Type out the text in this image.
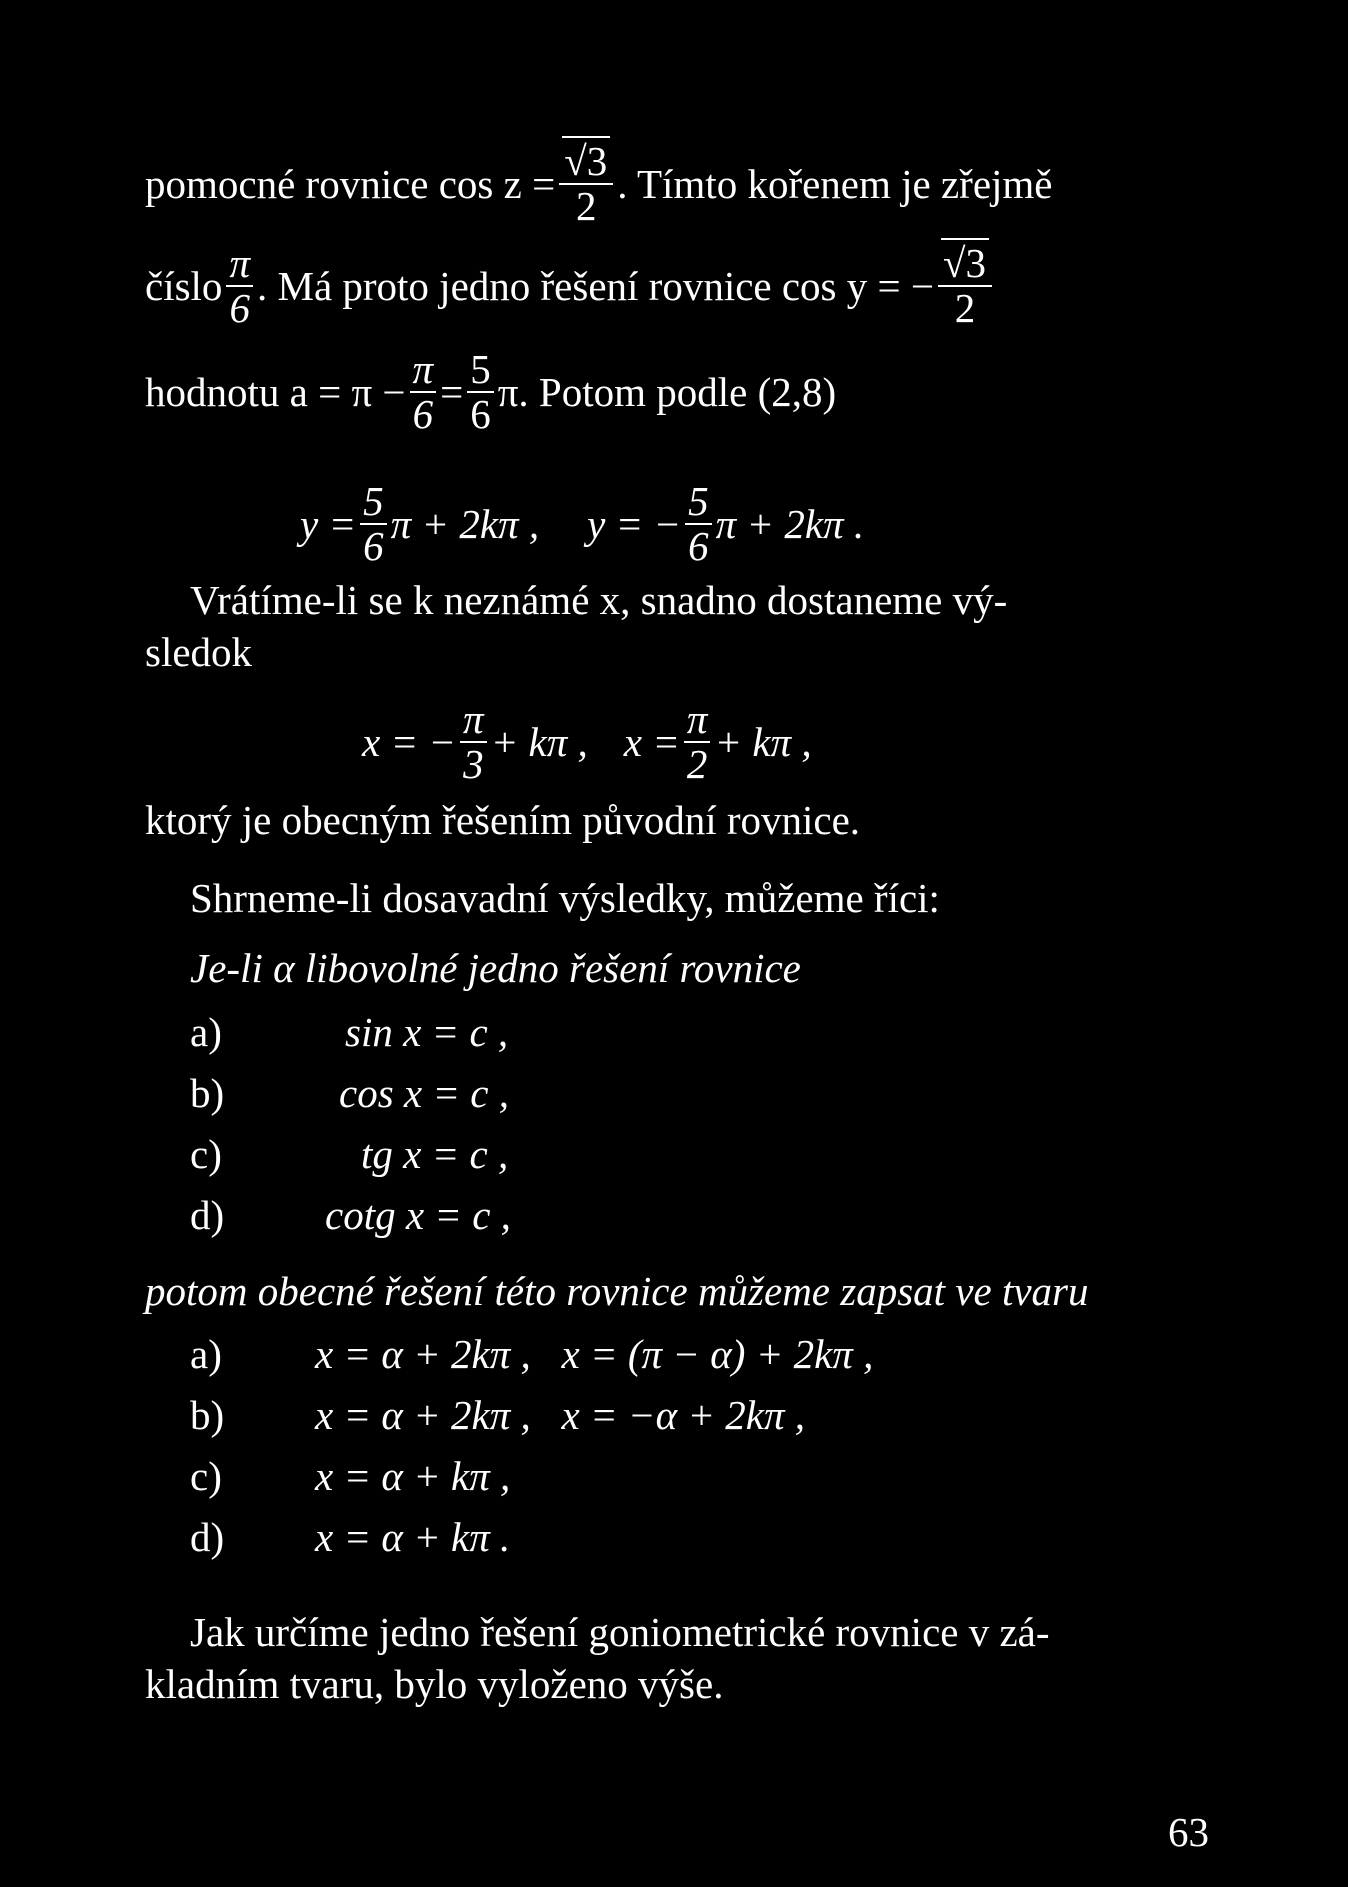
pomocné rovnice cos z = √ $\frac{3}{2}$ . Tímto kořenem je zřejmě
číslo $\frac{\pi}{6}$ . Má proto jedno řešení rovnice cos y = − √ $\frac{3}{2}$
hodnotu $a = \pi - \frac{\pi}{6} = \frac{5}{6} \pi$. Potom podle (2,8)
$y = \frac{5}{6}$ π + 2kπ , y = − $\frac{5}{6}$ π + 2kπ .
Vrátíme-li se k neznámé x, snadno dostaneme vý-
sledok
x = − $\frac{\pi}{3} + k\pi$ , $x = \frac{\pi}{2} + k\pi$ ,
ktorý je obecným řešením původní rovnice.
Shrneme-li dosavadní výsledky, můžeme říci:
Je-li α libovolné jedno řešení rovnice
a)	sin x = c ,
b)	cos x = c ,
c)	tg x = c ,
d)	cotg x = c ,
potom obecné řešení této rovnice můžeme zapsat ve tvaru
a)	x = α + 2kπ ,   x = (π − α) + 2kπ ,
b)	x = α + 2kπ ,   x = −α + 2kπ ,
c)	x = α + kπ ,
d)	x = α + kπ .
Jak určíme jedno řešení goniometrické rovnice v zá-
kladním tvaru, bylo vyloženo výše.
63
